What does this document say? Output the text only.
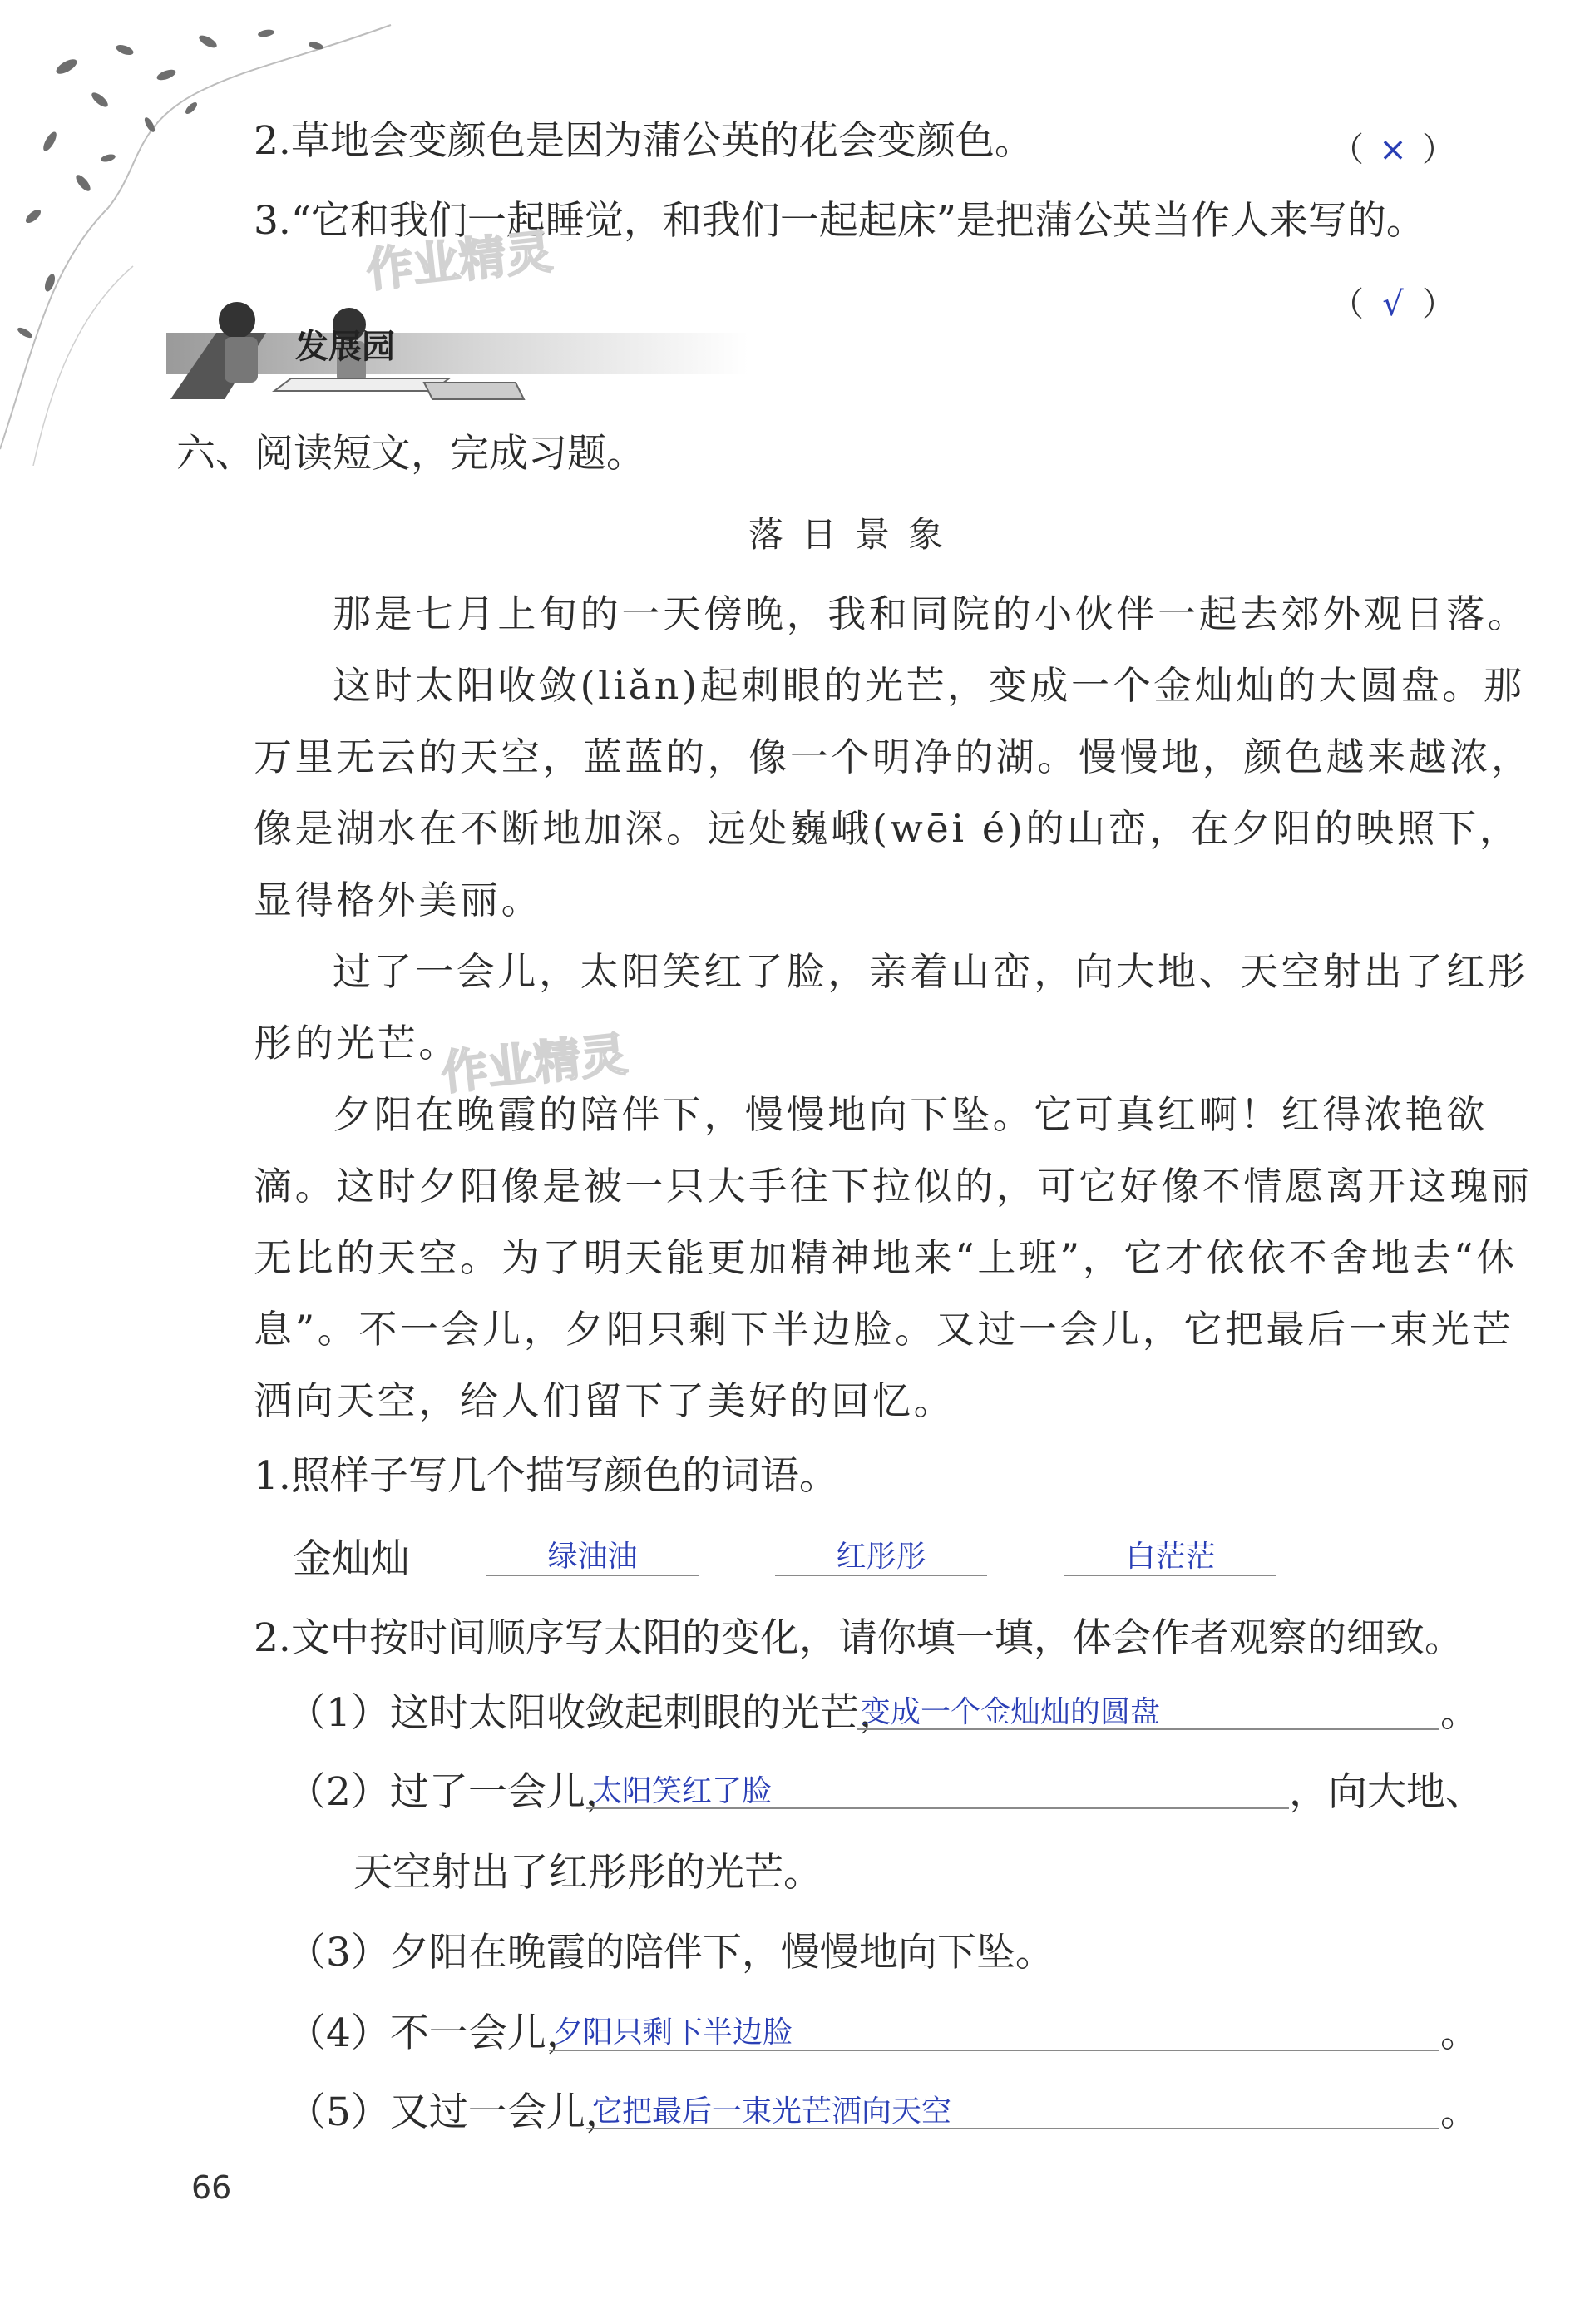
2.草地会变颜色是因为蒲公英的花会变颜色。	（ × ）
3.“它和我们一起睡觉，和我们一起起床”是把蒲公英当作人来写的。
（ √ ）
发展园
作业精灵
作业精灵
六、阅读短文，完成习题。
落日景象
那是七月上旬的一天傍晚，我和同院的小伙伴一起去郊外观日落。
这时太阳收敛(liǎn)起刺眼的光芒，变成一个金灿灿的大圆盘。那
万里无云的天空，蓝蓝的，像一个明净的湖。慢慢地，颜色越来越浓，
像是湖水在不断地加深。远处巍峨(wēi é)的山峦，在夕阳的映照下，
显得格外美丽。
过了一会儿，太阳笑红了脸，亲着山峦，向大地、天空射出了红彤
彤的光芒。
夕阳在晚霞的陪伴下，慢慢地向下坠。它可真红啊！红得浓艳欲
滴。这时夕阳像是被一只大手往下拉似的，可它好像不情愿离开这瑰丽
无比的天空。为了明天能更加精神地来“上班”，它才依依不舍地去“休
息”。不一会儿，夕阳只剩下半边脸。又过一会儿，它把最后一束光芒
洒向天空，给人们留下了美好的回忆。
1.照样子写几个描写颜色的词语。
金灿灿	绿油油	红彤彤	白茫茫
2.文中按时间顺序写太阳的变化，请你填一填，体会作者观察的细致。
（1）这时太阳收敛起刺眼的光芒，
变成一个金灿灿的圆盘	。
（2）过了一会儿，
太阳笑红了脸	，向大地、
天空射出了红彤彤的光芒。
（3）夕阳在晚霞的陪伴下，慢慢地向下坠。
（4）不一会儿，
夕阳只剩下半边脸	。
（5）又过一会儿，
它把最后一束光芒洒向天空	。
66
